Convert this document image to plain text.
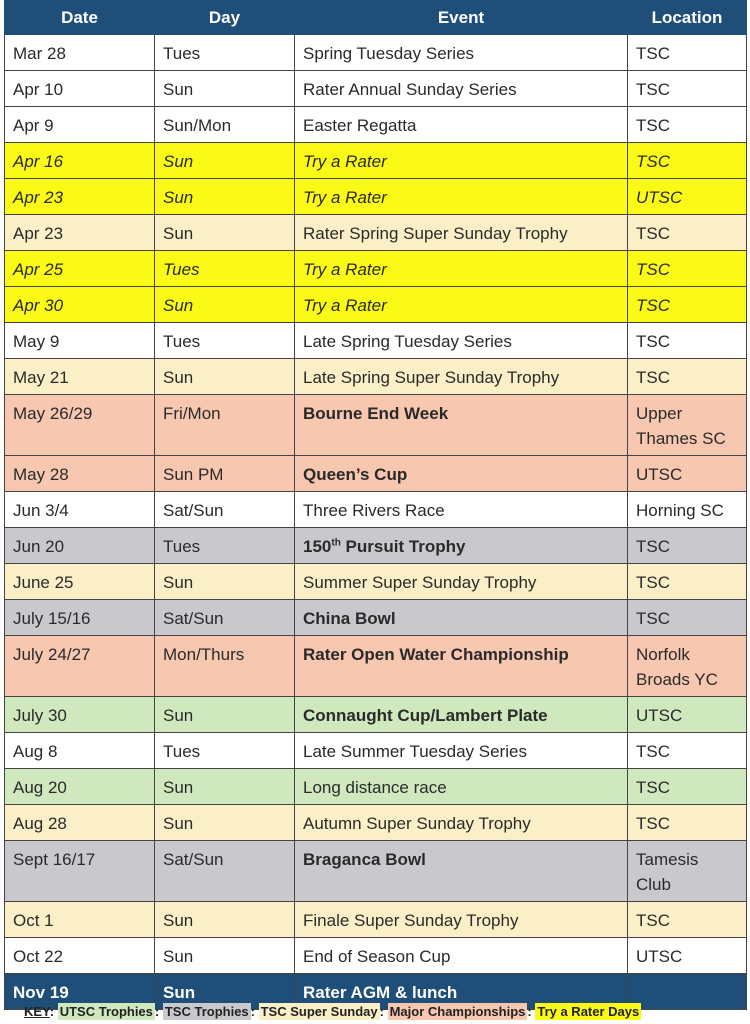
Date	Day	Event	Location
Mar 28	Tues	Spring Tuesday Series	TSC
Apr 10	Sun	Rater Annual Sunday Series	TSC
Apr 9	Sun/Mon	Easter Regatta	TSC
Apr 16	Sun	Try a Rater	TSC
Apr 23	Sun	Try a Rater	UTSC
Apr 23	Sun	Rater Spring Super Sunday Trophy	TSC
Apr 25	Tues	Try a Rater	TSC
Apr 30	Sun	Try a Rater	TSC
May 9	Tues	Late Spring Tuesday Series	TSC
May 21	Sun	Late Spring Super Sunday Trophy	TSC
May 26/29	Fri/Mon	Bourne End Week	Upper Thames SC
May 28	Sun PM	Queen’s Cup	UTSC
Jun 3/4	Sat/Sun	Three Rivers Race	Horning SC
Jun 20	Tues	150th Pursuit Trophy	TSC
June 25	Sun	Summer Super Sunday Trophy	TSC
July 15/16	Sat/Sun	China Bowl	TSC
July 24/27	Mon/Thurs	Rater Open Water Championship	Norfolk Broads YC
July 30	Sun	Connaught Cup/Lambert Plate	UTSC
Aug 8	Tues	Late Summer Tuesday Series	TSC
Aug 20	Sun	Long distance race	TSC
Aug 28	Sun	Autumn Super Sunday Trophy	TSC
Sept 16/17	Sat/Sun	Braganca Bowl	Tamesis Club
Oct 1	Sun	Finale Super Sunday Trophy	TSC
Oct 22	Sun	End of Season Cup	UTSC
Nov 19	Sun	Rater AGM & lunch	
KEY: UTSC Trophies : TSC Trophies : TSC Super Sunday : Major Championships : Try a Rater Days
